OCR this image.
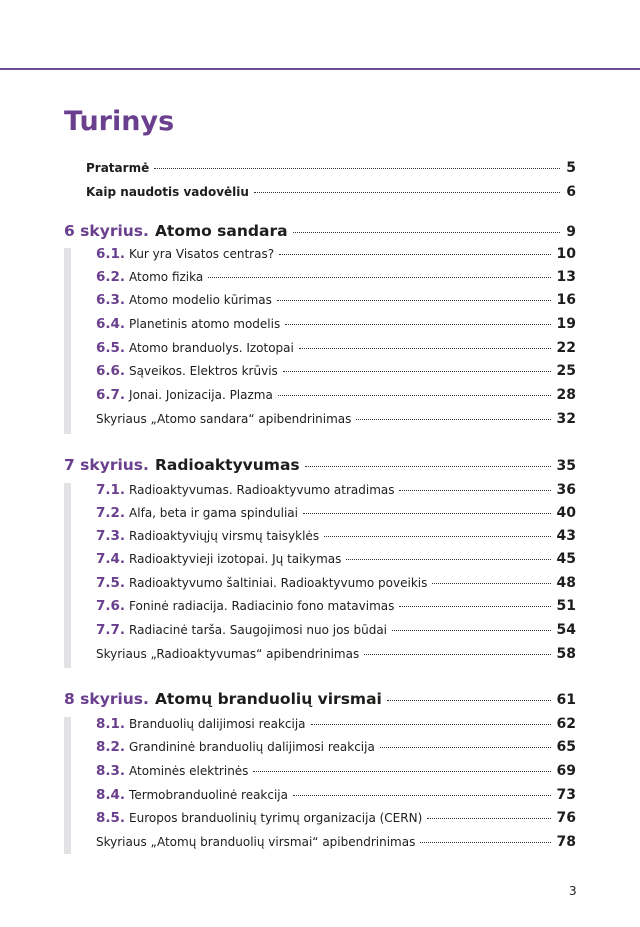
Turinys
Pratarmė	5
Kaip naudotis vadovėliu	6
6 skyrius. Atomo sandara	9
6.1. Kur yra Visatos centras?	10
6.2. Atomo fizika	13
6.3. Atomo modelio kūrimas	16
6.4. Planetinis atomo modelis	19
6.5. Atomo branduolys. Izotopai	22
6.6. Sąveikos. Elektros krūvis	25
6.7. Jonai. Jonizacija. Plazma	28
Skyriaus „Atomo sandara“ apibendrinimas	32
7 skyrius. Radioaktyvumas	35
7.1. Radioaktyvumas. Radioaktyvumo atradimas	36
7.2. Alfa, beta ir gama spinduliai	40
7.3. Radioaktyviųjų virsmų taisyklės	43
7.4. Radioaktyvieji izotopai. Jų taikymas	45
7.5. Radioaktyvumo šaltiniai. Radioaktyvumo poveikis	48
7.6. Foninė radiacija. Radiacinio fono matavimas	51
7.7. Radiacinė tarša. Saugojimosi nuo jos būdai	54
Skyriaus „Radioaktyvumas“ apibendrinimas	58
8 skyrius. Atomų branduolių virsmai	61
8.1. Branduolių dalijimosi reakcija	62
8.2. Grandininė branduolių dalijimosi reakcija	65
8.3. Atominės elektrinės	69
8.4. Termobranduolinė reakcija	73
8.5. Europos branduolinių tyrimų organizacija (CERN)	76
Skyriaus „Atomų branduolių virsmai“ apibendrinimas	78
3
